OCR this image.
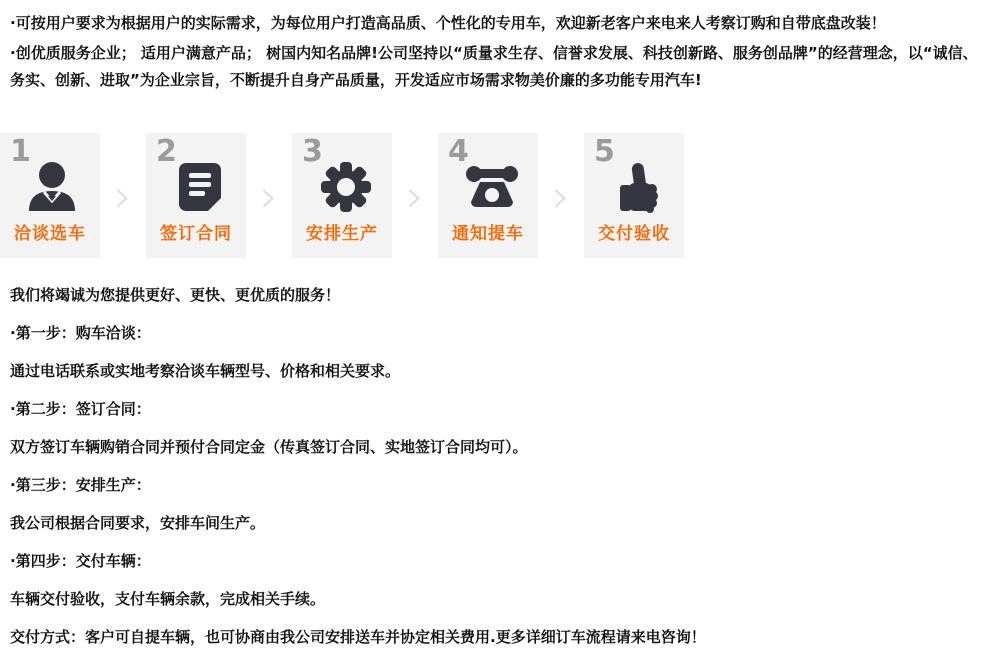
·可按用户要求为根据用户的实际需求，为每位用户打造高品质、个性化的专用车，欢迎新老客户来电来人考察订购和自带底盘改装！

·创优质服务企业； 适用户满意产品； 树国内知名品牌!公司坚持以“质量求生存、信誉求发展、科技创新路、服务创品牌”的经营理念，以“诚信、务实、创新、进取”为企业宗旨，不断提升自身产品质量，开发适应市场需求物美价廉的多功能专用汽车!

1
洽谈选车
›
2
签订合同
›
3
安排生产
›
4
通知提车
›
5
交付验收

我们将竭诚为您提供更好、更快、更优质的服务！

·第一步：购车洽谈：

通过电话联系或实地考察洽谈车辆型号、价格和相关要求。

·第二步：签订合同：

双方签订车辆购销合同并预付合同定金（传真签订合同、实地签订合同均可）。

·第三步：安排生产：

我公司根据合同要求，安排车间生产。

·第四步：交付车辆：

车辆交付验收，支付车辆余款，完成相关手续。

交付方式：客户可自提车辆，也可协商由我公司安排送车并协定相关费用.更多详细订车流程请来电咨询！
